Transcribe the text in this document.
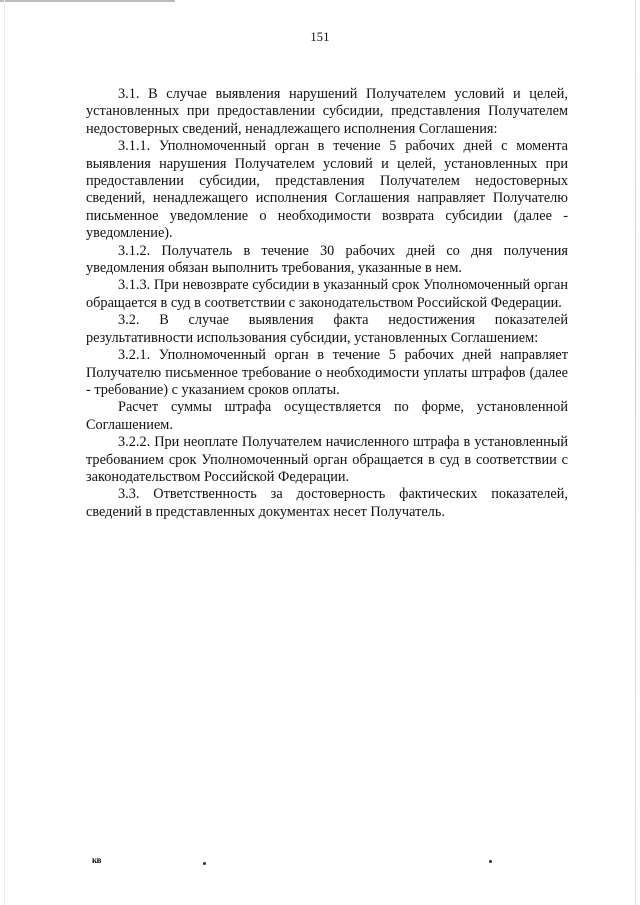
151

3.1. В случае выявления нарушений Получателем условий и целей, установленных при предоставлении субсидии, представления Получателем недостоверных сведений, ненадлежащего исполнения Соглашения:

3.1.1. Уполномоченный орган в течение 5 рабочих дней с момента выявления нарушения Получателем условий и целей, установленных при предоставлении субсидии, представления Получателем недостоверных сведений, ненадлежащего исполнения Соглашения направляет Получателю письменное уведомление о необходимости возврата субсидии (далее - уведомление).

3.1.2. Получатель в течение 30 рабочих дней со дня получения уведомления обязан выполнить требования, указанные в нем.

3.1.3. При невозврате субсидии в указанный срок Уполномоченный орган обращается в суд в соответствии с законодательством Российской Федерации.

3.2. В случае выявления факта недостижения показателей результативности использования субсидии, установленных Соглашением:

3.2.1. Уполномоченный орган в течение 5 рабочих дней направляет Получателю письменное требование о необходимости уплаты штрафов (далее - требование) с указанием сроков оплаты.

Расчет суммы штрафа осуществляется по форме, установленной Соглашением.

3.2.2. При неоплате Получателем начисленного штрафа в установленный требованием срок Уполномоченный орган обращается в суд в соответствии с законодательством Российской Федерации.

3.3. Ответственность за достоверность фактических показателей, сведений в представленных документах несет Получатель.

кв
